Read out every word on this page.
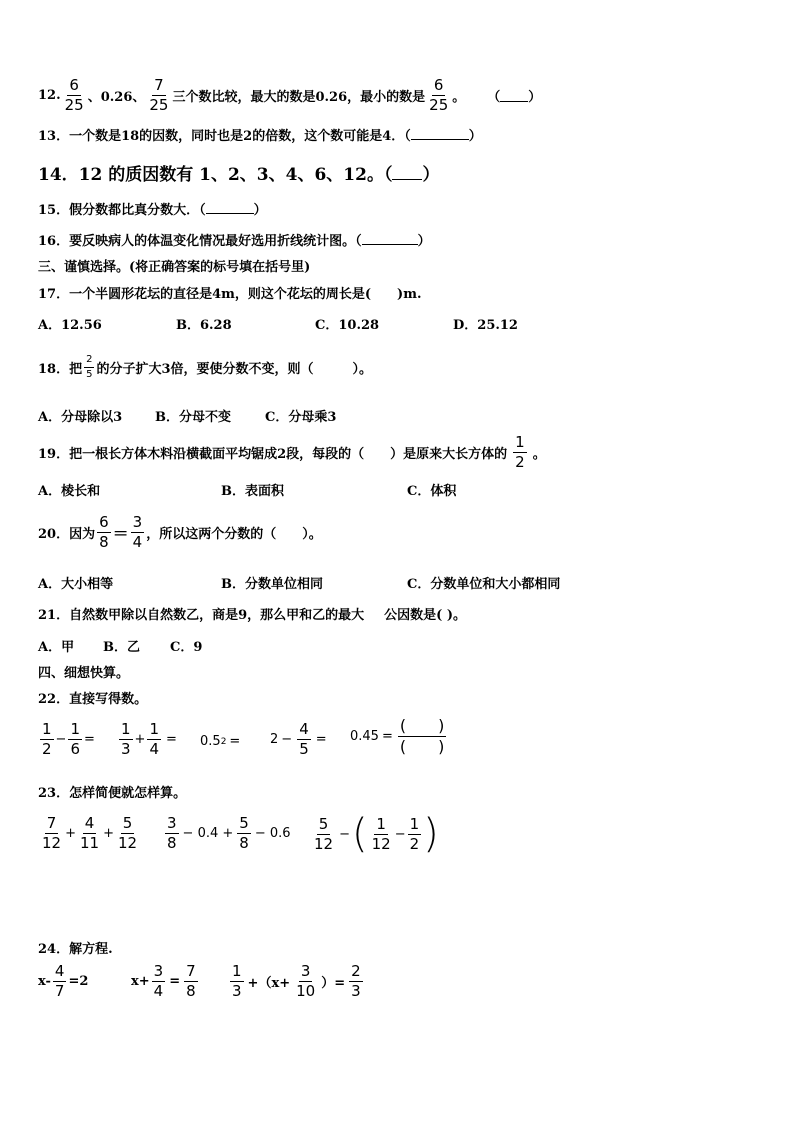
12. $\frac{6}{25}$ 、0.26、 $\frac{7}{25}$ 三个数比较，最大的数是0.26，最小的数是 $\frac{6}{25}$ 。 （ ）
13．一个数是18的因数，同时也是2的倍数，这个数可能是4．（	）
14．12 的质因数有 1、2、3、4、6、12。（ ）
15．假分数都比真分数大．（	）
16．要反映病人的体温变化情况最好选用折线统计图。（	）
三、谨慎选择。(将正确答案的标号填在括号里)
17．一个半圆形花坛的直径是4m，则这个花坛的周长是(　　)m.
A．12.56	B．6.28	C．10.28	D．25.12
18．把 $\frac{2}{5}$ 的分子扩大3倍，要使分数不变，则（　　　）。
A．分母除以3	B．分母不变	C．分母乘3
19．把一根长方体木料沿横截面平均锯成2段，每段的（　　）是原来大长方体的 $\frac{1}{2}$ 。
A．棱长和	B．表面积	C．体积
20．因为 $\frac{6}{8} = \frac{3}{4}$ ，所以这两个分数的（　　）。
A．大小相等	B．分数单位相同	C．分数单位和大小都相同
21．自然数甲除以自然数乙，商是9，那么甲和乙的最大 公因数是( )。
A．甲 B．乙 C．9
四、细想快算。
22．直接写得数。
$\frac{1}{2} - \frac{1}{6} = \frac{1}{3} + \frac{1}{4} = 0.5$ $2 = 2 - \frac{4}{5} = 0.45 = \frac{( )}{( )}$
23．怎样简便就怎样算。
$\frac{7}{12} + \frac{4}{11} + \frac{5}{12} \frac{3}{8} - 0.4 + \frac{5}{8} - 0.6 \frac{5}{12}$ − ( $\frac{1}{12} - \frac{1}{2}$ )
24．解方程.
$x- \frac{4}{7} =2$	$x+ \frac{3}{4} = \frac{7}{8} \frac{1}{3} +(x+ \frac{3}{10}$ ）= $\frac{2}{3}$
